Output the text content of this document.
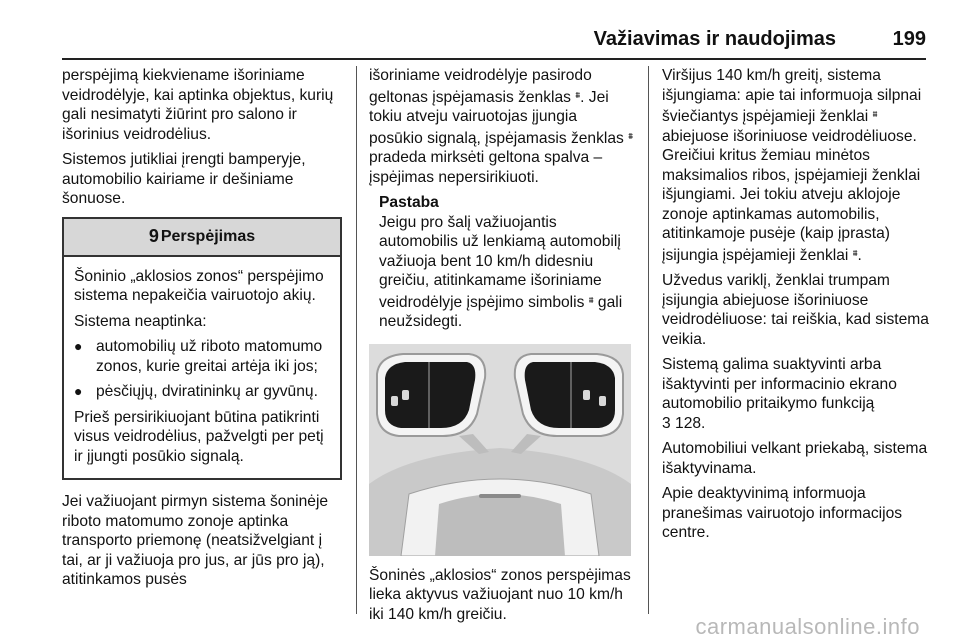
Važiavimas ir naudojimas	199

perspėjimą kiekviename išoriniame veidrodėlyje, kai aptinka objektus, kurių gali nesimatyti žiūrint pro salono ir išorinius veidrodėlius.

Sistemos jutikliai įrengti bamperyje, automobilio kairiame ir dešiniame šonuose.

9 Perspėjimas

Šoninio „aklosios zonos“ perspėjimo sistema nepakeičia vairuotojo akių.

Sistema neaptinka:

● automobilių už riboto matomumo zonos, kurie greitai artėja iki jos;
● pėsčiųjų, dviratininkų ar gyvūnų.

Prieš persirikiuojant būtina patikrinti visus veidrodėlius, pažvelgti per petį ir įjungti posūkio signalą.

Jei važiuojant pirmyn sistema šoninėje riboto matomumo zonoje aptinka transporto priemonę (neatsižvelgiant į tai, ar ji važiuoja pro jus, ar jūs pro ją), atitinkamos pusės

išoriniame veidrodėlyje pasirodo geltonas įspėjamasis ženklas ⩩. Jei tokiu atveju vairuotojas įjungia posūkio signalą, įspėjamasis ženklas ⩩ pradeda mirksėti geltona spalva – įspėjimas nepersirikiuoti.

Pastaba
Jeigu pro šalį važiuojantis automobilis už lenkiamą automobilį važiuoja bent 10 km/h didesniu greičiu, atitinkamame išoriniame veidrodėlyje įspėjimo simbolis ⩩ gali neužsidegti.

Šoninės „aklosios“ zonos perspėjimas lieka aktyvus važiuojant nuo 10 km/h iki 140 km/h greičiu.

Viršijus 140 km/h greitį, sistema išjungiama: apie tai informuoja silpnai šviečiantys įspėjamieji ženklai ⩩ abiejuose išoriniuose veidrodėliuose. Greičiui kritus žemiau minėtos maksimalios ribos, įspėjamieji ženklai išjungiami. Jei tokiu atveju aklojoje zonoje aptinkamas automobilis, atitinkamoje pusėje (kaip įprasta) įsijungia įspėjamieji ženklai ⩩.

Užvedus variklį, ženklai trumpam įsijungia abiejuose išoriniuose veidrodėliuose: tai reiškia, kad sistema veikia.

Sistemą galima suaktyvinti arba išaktyvinti per informacinio ekrano automobilio pritaikymo funkciją
3 128.

Automobiliui velkant priekabą, sistema išaktyvinama.

Apie deaktyvinimą informuoja pranešimas vairuotojo informacijos centre.

carmanualsonline.info
